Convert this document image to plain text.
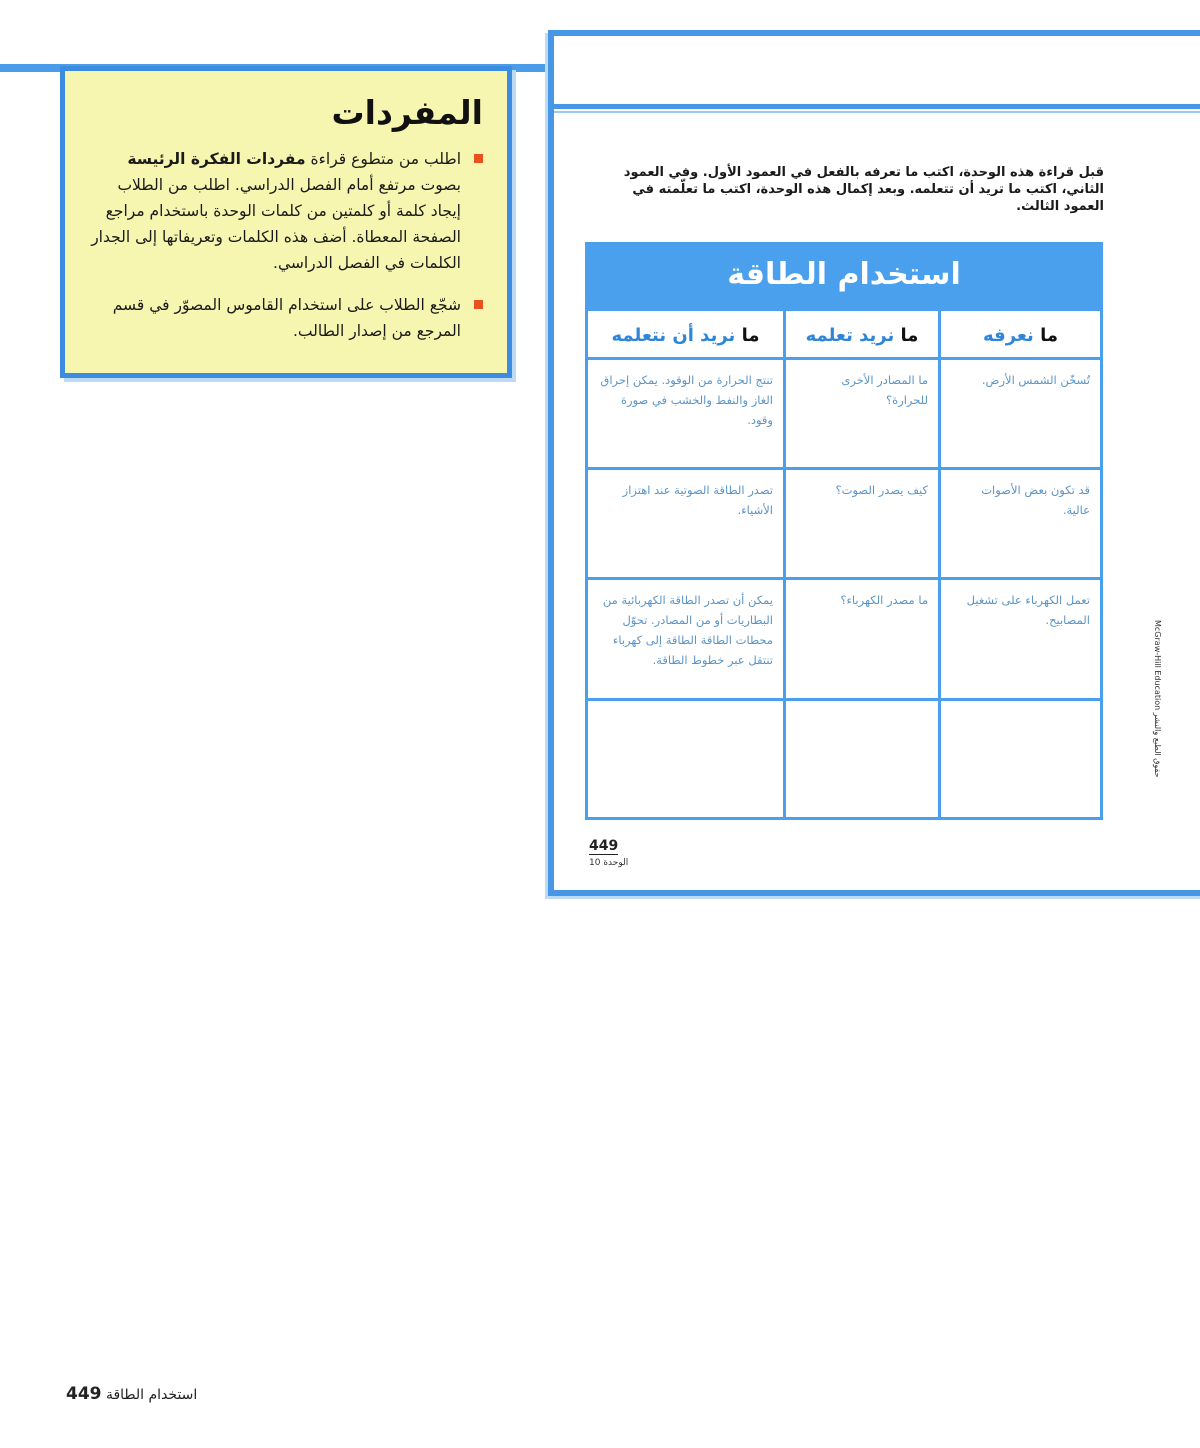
المفردات

اطلب من متطوع قراءة مفردات الفكرة الرئيسة بصوت مرتفع أمام الفصل الدراسي. اطلب من الطلاب إيجاد كلمة أو كلمتين من كلمات الوحدة باستخدام مراجع الصفحة المعطاة. أضف هذه الكلمات وتعريفاتها إلى الجدار الكلمات في الفصل الدراسي.

شجّع الطلاب على استخدام القاموس المصوّر في قسم المرجع من إصدار الطالب.

قبل قراءة هذه الوحدة، اكتب ما تعرفه بالفعل في العمود الأول. وفي العمود الثاني، اكتب ما تريد أن تتعلمه. وبعد إكمال هذه الوحدة، اكتب ما تعلّمته في العمود الثالث.
استخدام الطاقة
ما نعرفه
ما نريد تعلمه
ما نريد أن نتعلمه
تُسخّن الشمس الأرض.
ما المصادر الأخرى للحرارة؟
تنتج الحرارة من الوقود. يمكن إحراق الغاز والنفط والخشب في صورة وقود.
قد تكون بعض الأصوات عالية.
كيف يصدر الصوت؟
تصدر الطاقة الصوتية عند اهتزاز الأشياء.
تعمل الكهرباء على تشغيل المصابيح.
ما مصدر الكهرباء؟
يمكن أن تصدر الطاقة الكهربائية من البطاريات أو من المصادر. تحوّل محطات الطاقة الطاقة إلى كهرباء تنتقل عبر خطوط الطاقة.
449
الوحدة 10
McGraw-Hill Education حقوق الطبع والنشر
استخدام الطاقة 449
